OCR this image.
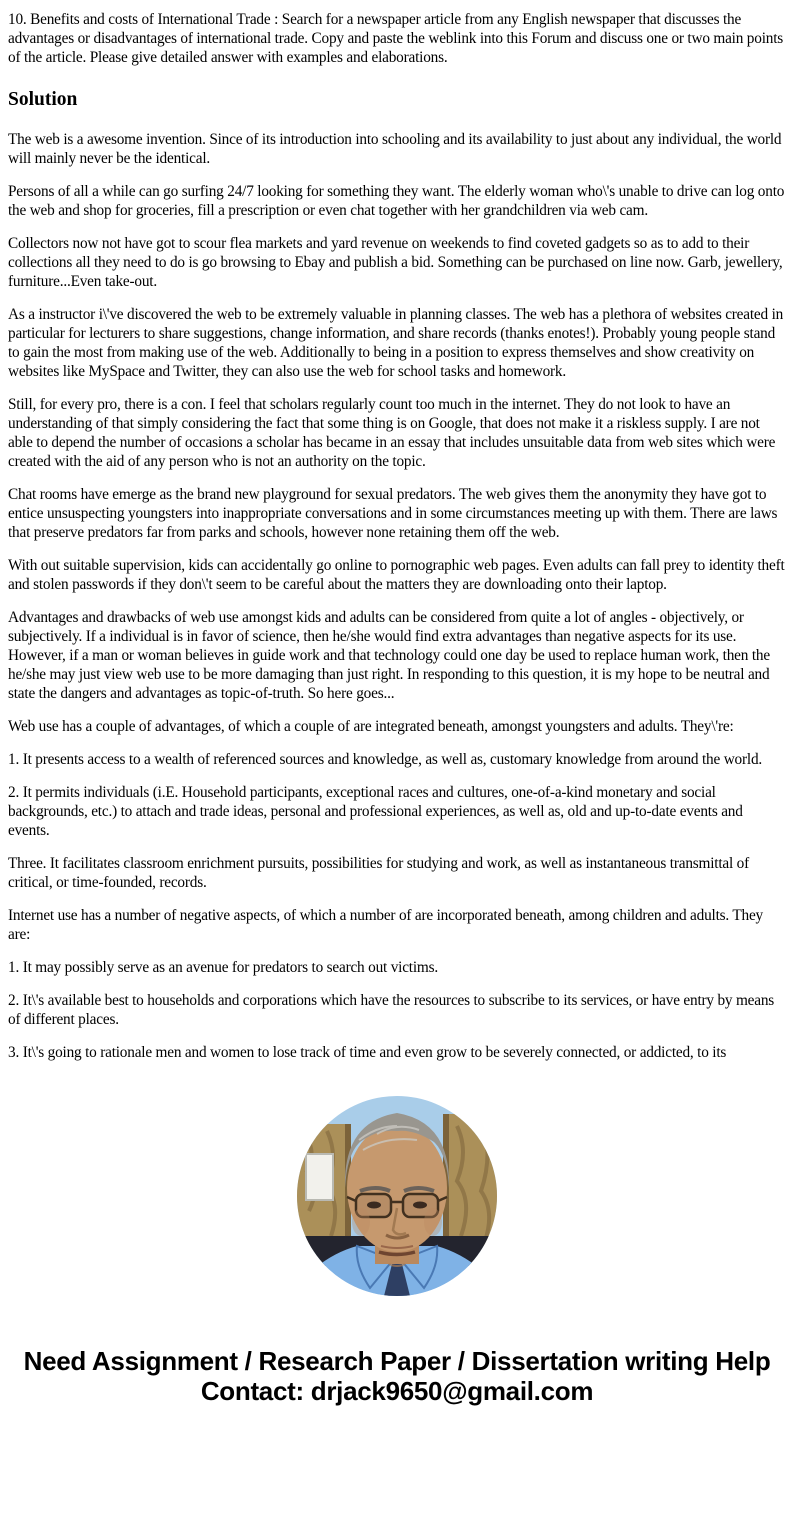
10. Benefits and costs of International Trade : Search for a newspaper article from any English newspaper that discusses the advantages or disadvantages of international trade. Copy and paste the weblink into this Forum and discuss one or two main points of the article. Please give detailed answer with examples and elaborations.

Solution

The web is a awesome invention. Since of its introduction into schooling and its availability to just about any individual, the world will mainly never be the identical.

Persons of all a while can go surfing 24/7 looking for something they want. The elderly woman who\'s unable to drive can log onto the web and shop for groceries, fill a prescription or even chat together with her grandchildren via web cam.

Collectors now not have got to scour flea markets and yard revenue on weekends to find coveted gadgets so as to add to their collections all they need to do is go browsing to Ebay and publish a bid. Something can be purchased on line now. Garb, jewellery, furniture...Even take-out.

As a instructor i\'ve discovered the web to be extremely valuable in planning classes. The web has a plethora of websites created in particular for lecturers to share suggestions, change information, and share records (thanks enotes!). Probably young people stand to gain the most from making use of the web. Additionally to being in a position to express themselves and show creativity on websites like MySpace and Twitter, they can also use the web for school tasks and homework.

Still, for every pro, there is a con. I feel that scholars regularly count too much in the internet. They do not look to have an understanding of that simply considering the fact that some thing is on Google, that does not make it a riskless supply. I are not able to depend the number of occasions a scholar has became in an essay that includes unsuitable data from web sites which were created with the aid of any person who is not an authority on the topic.

Chat rooms have emerge as the brand new playground for sexual predators. The web gives them the anonymity they have got to entice unsuspecting youngsters into inappropriate conversations and in some circumstances meeting up with them. There are laws that preserve predators far from parks and schools, however none retaining them off the web.

With out suitable supervision, kids can accidentally go online to pornographic web pages. Even adults can fall prey to identity theft and stolen passwords if they don\'t seem to be careful about the matters they are downloading onto their laptop.

Advantages and drawbacks of web use amongst kids and adults can be considered from quite a lot of angles - objectively, or subjectively. If a individual is in favor of science, then he/she would find extra advantages than negative aspects for its use. However, if a man or woman believes in guide work and that technology could one day be used to replace human work, then the he/she may just view web use to be more damaging than just right. In responding to this question, it is my hope to be neutral and state the dangers and advantages as topic-of-truth. So here goes...

Web use has a couple of advantages, of which a couple of are integrated beneath, amongst youngsters and adults. They\'re:

1. It presents access to a wealth of referenced sources and knowledge, as well as, customary knowledge from around the world.

2. It permits individuals (i.E. Household participants, exceptional races and cultures, one-of-a-kind monetary and social backgrounds, etc.) to attach and trade ideas, personal and professional experiences, as well as, old and up-to-date events and events.

Three. It facilitates classroom enrichment pursuits, possibilities for studying and work, as well as instantaneous transmittal of critical, or time-founded, records.

Internet use has a number of negative aspects, of which a number of are incorporated beneath, among children and adults. They are:

1. It may possibly serve as an avenue for predators to search out victims.

2. It\'s available best to households and corporations which have the resources to subscribe to its services, or have entry by means of different places.

3. It\'s going to rationale men and women to lose track of time and even grow to be severely connected, or addicted, to its

Need Assignment / Research Paper / Dissertation writing Help
Contact: drjack9650@gmail.com
